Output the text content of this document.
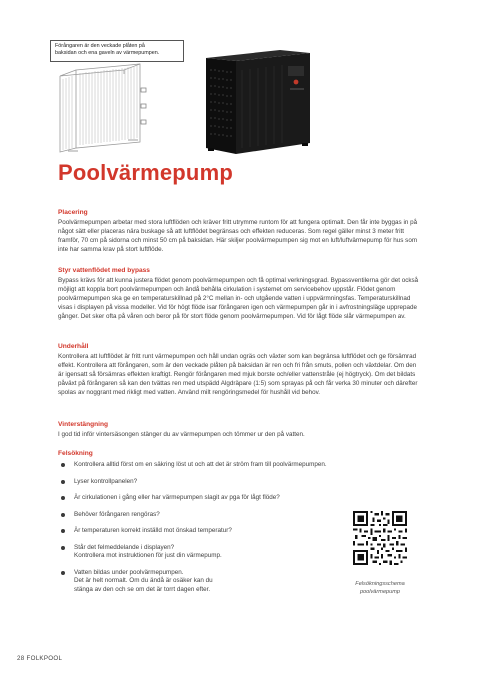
Förångaren är den veckade plåten på
baksidan och ena gaveln av värmepumpen.
Poolvärmepump
Placering

Poolvärmepumpen arbetar med stora luftflöden och kräver fritt utrymme runtom för att fungera optimalt. Den får inte byggas in på något sätt eller placeras nära buskage så att luftflödet begränsas och effekten reduceras. Som regel gäller minst 3 meter fritt framför, 70 cm på sidorna och minst 50 cm på baksidan. Här skiljer poolvärmepumpen sig mot en luft/luftvärmepump för hus som inte har samma krav på stort luftflöde.

Styr vattenflödet med bypass

Bypass krävs för att kunna justera flödet genom poolvärmepumpen och få optimal verkningsgrad. Bypassventilerna gör det också möjligt att koppla bort poolvärmepumpen och ändå behålla cirkulation i systemet om servicebehov uppstår. Flödet genom poolvärmepumpen ska ge en temperaturskillnad på 2°C mellan in- och utgående vatten i uppvärmningsfas. Temperaturskillnad visas i displayen på vissa modeller. Vid för högt flöde isar förångaren igen och värmepumpen går in i avfrostningsläge upprepade gånger. Det sker ofta på våren och beror på för stort flöde genom poolvärmepumpen. Vid för lågt flöde slår värmepumpen av.

Underhåll

Kontrollera att luftflödet är fritt runt värmepumpen och håll undan ogräs och växter som kan begränsa luftflödet och ge försämrad effekt. Kontrollera att förångaren, som är den veckade plåten på baksidan är ren och fri från smuts, pollen och växtdelar. Om den är igensatt så försämras effekten kraftigt. Rengör förångaren med mjuk borste och/eller vattenstråle (ej högtryck). Om det bildats påväxt på förångaren så kan den tvättas ren med utspädd Algdräpare (1:5) som sprayas på och får verka 30 minuter och därefter spolas av noggrant med rikligt med vatten. Använd milt rengöringsmedel för hushåll vid behov.

Vinterstängning

I god tid inför vintersäsongen stänger du av värmepumpen och tömmer ur den på vatten.

Felsökning
Kontrollera alltid först om en säkring löst ut och att det är ström fram till poolvärmepumpen.
Lyser kontrollpanelen?
Är cirkulationen i gång eller har värmepumpen slagit av pga för lågt flöde?
Behöver förångaren rengöras?
Är temperaturen korrekt inställd mot önskad temperatur?
Står det felmeddelande i displayen?
Kontrollera mot instruktionen för just din värmepump.
Vatten bildas under poolvärmepumpen.
Det är helt normalt. Om du ändå är osäker kan du
stänga av den och se om det är torrt dagen efter.
Felsökningsschema
poolvärmepump
28 FOLKPOOL
